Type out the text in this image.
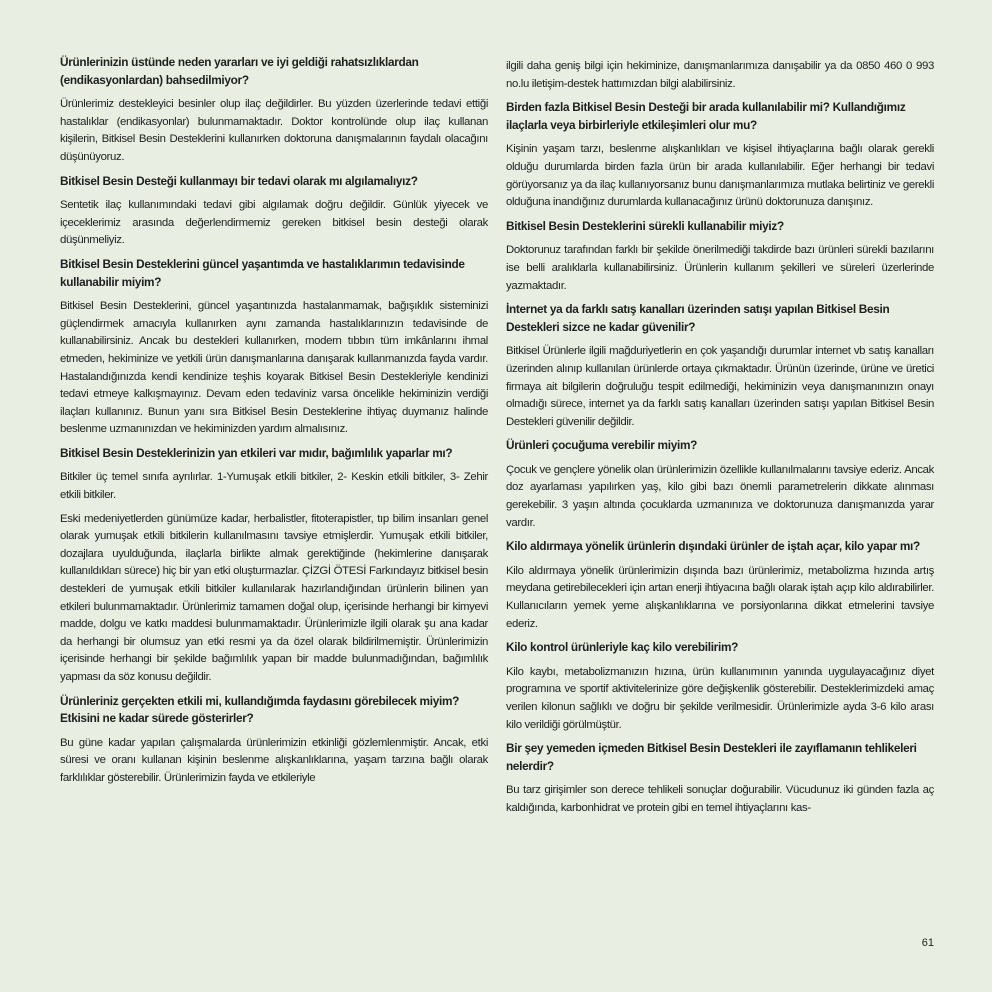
Ürünlerinizin üstünde neden yararları ve iyi geldiği rahatsızlıklardan (endikasyonlardan) bahsedilmiyor?
Ürünlerimiz destekleyici besinler olup ilaç değildirler. Bu yüzden üzerlerinde tedavi ettiği hastalıklar (endikasyonlar) bulunmamaktadır. Doktor kontrolünde olup ilaç kullanan kişilerin, Bitkisel Besin Desteklerini kullanırken doktoruna danışmalarının faydalı olacağını düşünüyoruz.
Bitkisel Besin Desteği kullanmayı bir tedavi olarak mı algılamalıyız?
Sentetik ilaç kullanımındaki tedavi gibi algılamak doğru değildir. Günlük yiyecek ve içeceklerimiz arasında değerlendirmemiz gereken bitkisel besin desteği olarak düşünmeliyiz.
Bitkisel Besin Desteklerini güncel yaşantımda ve hastalıklarımın tedavisinde kullanabilir miyim?
Bitkisel Besin Desteklerini, güncel yaşantınızda hastalanmamak, bağışıklık sisteminizi güçlendirmek amacıyla kullanırken aynı zamanda hastalıklarınızın tedavisinde de kullanabilirsiniz. Ancak bu destekleri kullanırken, modern tıbbın tüm imkânlarını ihmal etmeden, hekiminize ve yetkili ürün danışmanlarına danışarak kullanmanızda fayda vardır. Hastalandığınızda kendi kendinize teşhis koyarak Bitkisel Besin Destekleriyle kendinizi tedavi etmeye kalkışmayınız. Devam eden tedaviniz varsa öncelikle hekiminizin verdiği ilaçları kullanınız. Bunun yanı sıra Bitkisel Besin Desteklerine ihtiyaç duymanız halinde beslenme uzmanınızdan ve hekiminizden yardım almalısınız.
Bitkisel Besin Desteklerinizin yan etkileri var mıdır, bağımlılık yaparlar mı?
Bitkiler üç temel sınıfa ayrılırlar. 1-Yumuşak etkili bitkiler, 2- Keskin etkili bitkiler, 3- Zehir etkili bitkiler.
Eski medeniyetlerden günümüze kadar, herbalistler, fitoterapistler, tıp bilim insanları genel olarak yumuşak etkili bitkilerin kullanılmasını tavsiye etmişlerdir. Yumuşak etkili bitkiler, dozajlara uyulduğunda, ilaçlarla birlikte almak gerektiğinde (hekimlerine danışarak kullanıldıkları sürece) hiç bir yan etki oluşturmazlar. ÇİZGİ ÖTESİ Farkındayız bitkisel besin destekleri de yumuşak etkili bitkiler kullanılarak hazırlandığından ürünlerin bilinen yan etkileri bulunmamaktadır. Ürünlerimiz tamamen doğal olup, içerisinde herhangi bir kimyevi madde, dolgu ve katkı maddesi bulunmamaktadır. Ürünlerimizle ilgili olarak şu ana kadar da herhangi bir olumsuz yan etki resmi ya da özel olarak bildirilmemiştir. Ürünlerimizin içerisinde herhangi bir şekilde bağımlılık yapan bir madde bulunmadığından, bağımlılık yapması da söz konusu değildir.
Ürünleriniz gerçekten etkili mi, kullandığımda faydasını görebilecek miyim? Etkisini ne kadar sürede gösterirler?
Bu güne kadar yapılan çalışmalarda ürünlerimizin etkinliği gözlemlenmiştir. Ancak, etki süresi ve oranı kullanan kişinin beslenme alışkanlıklarına, yaşam tarzına bağlı olarak farklılıklar gösterebilir. Ürünlerimizin fayda ve etkileriyle
ilgili daha geniş bilgi için hekiminize, danışmanlarımıza danışabilir ya da 0850 460 0 993 no.lu iletişim-destek hattımızdan bilgi alabilirsiniz.
Birden fazla Bitkisel Besin Desteği bir arada kullanılabilir mi? Kullandığımız ilaçlarla veya birbirleriyle etkileşimleri olur mu?
Kişinin yaşam tarzı, beslenme alışkanlıkları ve kişisel ihtiyaçlarına bağlı olarak gerekli olduğu durumlarda birden fazla ürün bir arada kullanılabilir. Eğer herhangi bir tedavi görüyorsanız ya da ilaç kullanıyorsanız bunu danışmanlarımıza mutlaka belirtiniz ve gerekli olduğuna inandığınız durumlarda kullanacağınız ürünü doktorunuza danışınız.
Bitkisel Besin Desteklerini sürekli kullanabilir miyiz?
Doktorunuz tarafından farklı bir şekilde önerilmediği takdirde bazı ürünleri sürekli bazılarını ise belli aralıklarla kullanabilirsiniz. Ürünlerin kullanım şekilleri ve süreleri üzerlerinde yazmaktadır.
İnternet ya da farklı satış kanalları üzerinden satışı yapılan Bitkisel Besin Destekleri sizce ne kadar güvenilir?
Bitkisel Ürünlerle ilgili mağduriyetlerin en çok yaşandığı durumlar internet vb satış kanalları üzerinden alınıp kullanılan ürünlerde ortaya çıkmaktadır. Ürünün üzerinde, ürüne ve üretici firmaya ait bilgilerin doğruluğu tespit edilmediği, hekiminizin veya danışmanınızın onayı olmadığı sürece, internet ya da farklı satış kanalları üzerinden satışı yapılan Bitkisel Besin Destekleri güvenilir değildir.
Ürünleri çocuğuma verebilir miyim?
Çocuk ve gençlere yönelik olan ürünlerimizin özellikle kullanılmalarını tavsiye ederiz. Ancak doz ayarlaması yapılırken yaş, kilo gibi bazı önemli parametrelerin dikkate alınması gerekebilir. 3 yaşın altında çocuklarda uzmanınıza ve doktorunuza danışmanızda yarar vardır.
Kilo aldırmaya yönelik ürünlerin dışındaki ürünler de iştah açar, kilo yapar mı?
Kilo aldırmaya yönelik ürünlerimizin dışında bazı ürünlerimiz, metabolizma hızında artış meydana getirebilecekleri için artan enerji ihtiyacına bağlı olarak iştah açıp kilo aldırabilirler. Kullanıcıların yemek yeme alışkanlıklarına ve porsiyonlarına dikkat etmelerini tavsiye ederiz.
Kilo kontrol ürünleriyle kaç kilo verebilirim?
Kilo kaybı, metabolizmanızın hızına, ürün kullanımının yanında uygulayacağınız diyet programına ve sportif aktivitelerinize göre değişkenlik gösterebilir. Desteklerimizdeki amaç verilen kilonun sağlıklı ve doğru bir şekilde verilmesidir. Ürünlerimizle ayda 3-6 kilo arası kilo verildiği görülmüştür.
Bir şey yemeden içmeden Bitkisel Besin Destekleri ile zayıflamanın tehlikeleri nelerdir?
Bu tarz girişimler son derece tehlikeli sonuçlar doğurabilir. Vücudunuz iki günden fazla aç kaldığında, karbonhidrat ve protein gibi en temel ihtiyaçlarını kas-
61
